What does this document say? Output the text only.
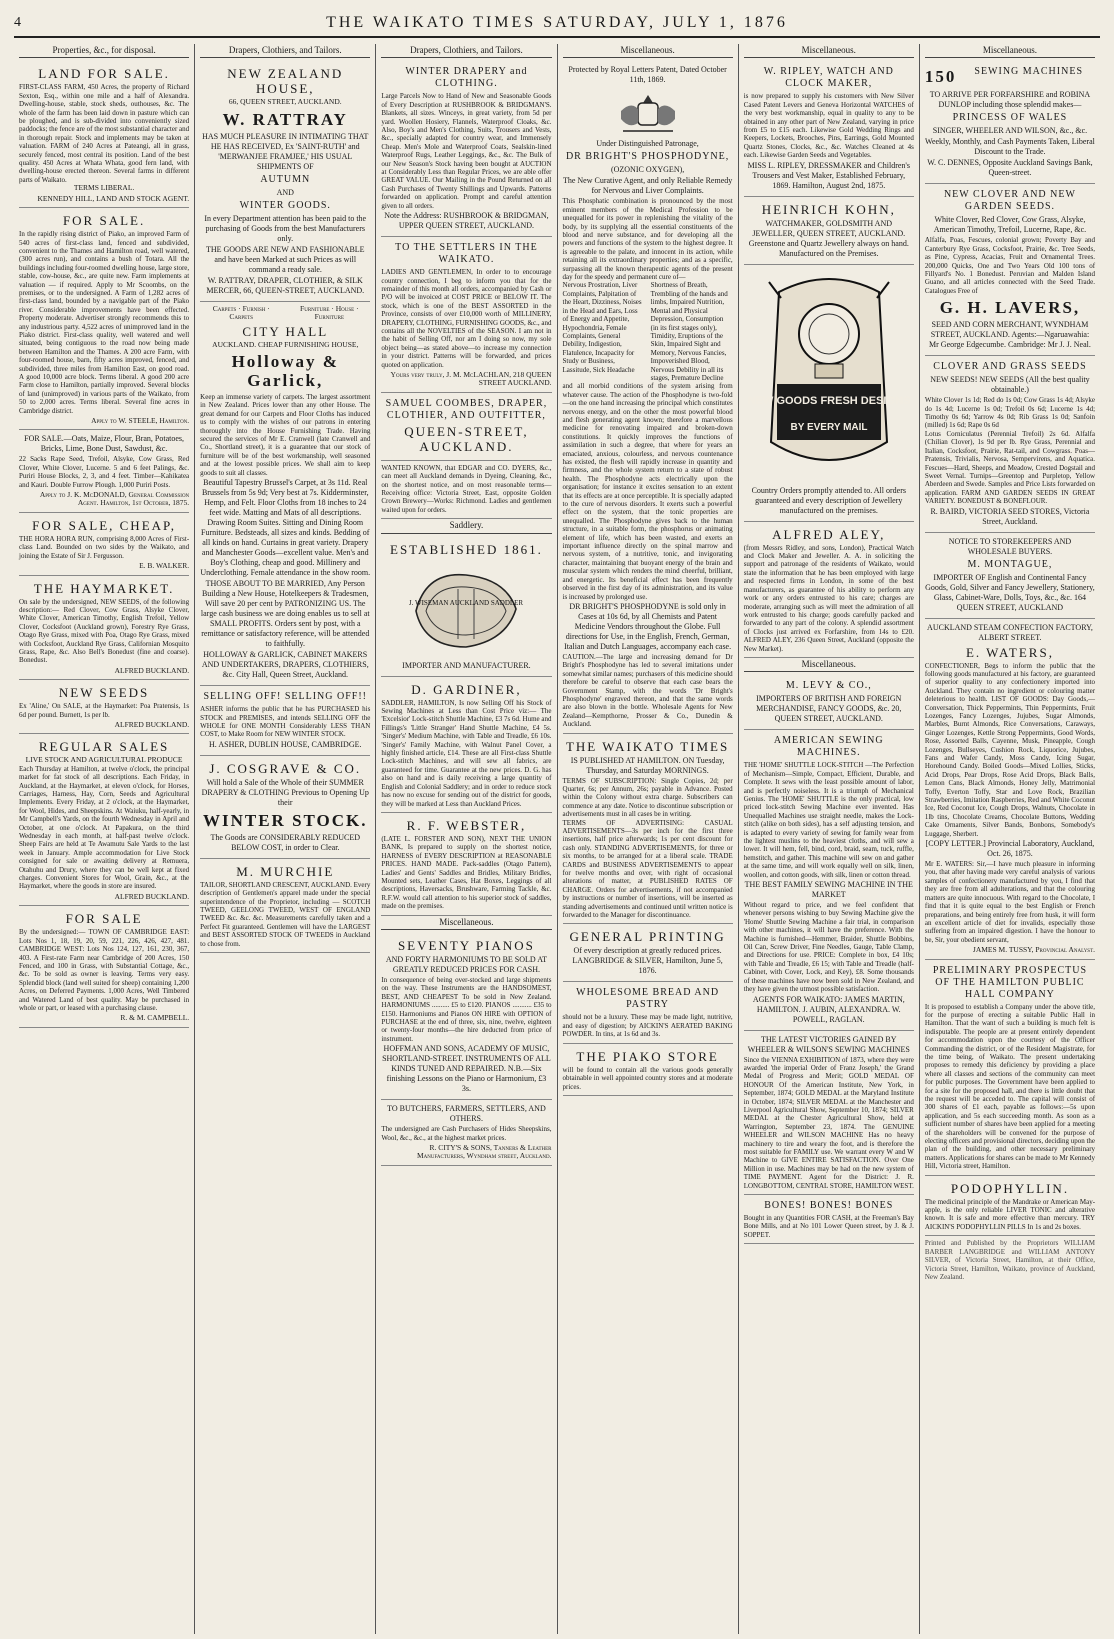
4	THE WAIKATO TIMES SATURDAY, JULY 1, 1876
Properties, &c., for disposal.
LAND FOR SALE.
FIRST-CLASS FARM, 450 Acres, the property of Richard Sexton, Esq., within one mile and a half of Alexandra. Dwelling-house, stable, stock sheds, outhouses, &c. The whole of the farm has been laid down in pasture which can be ploughed, and is sub-divided into conveniently sized paddocks; the fence are of the most substantial character and in thorough repair. Stock and implements may be taken at valuation. FARM of 240 Acres at Pateangi, all in grass, securely fenced, most central its position. Land of the best quality. 450 Acres at Whata Whata, good fern land, with dwelling-house erected thereon. Several farms in different parts of Waikato.
TERMS LIBERAL.
KENNEDY HILL, LAND AND STOCK AGENT.
FOR SALE.
In the rapidly rising district of Piako, an improved Farm of 540 acres of first-class land, fenced and subdivided, convenient to the Thames and Hamilton road, well watered, (300 acres run), and contains a bush of Totara. All the buildings including four-roomed dwelling house, large store, stable, cow-house, &c., are quite new. Farm implements at valuation — if required. Apply to Mr Scoombs, on the premises, or to the undersigned. A Farm of 1,282 acres of first-class land, bounded by a navigable part of the Piako river. Considerable improvements have been effected. Property moderate. Advertiser strongly recommends this to any industrious party. 4,522 acres of unimproved land in the Piako district. First-class quality, well watered and well situated, being contiguous to the road now being made between Hamilton and the Thames. A 200 acre Farm, with four-roomed house, barn, fifty acres improved, fenced, and subdivided, three miles from Hamilton East, on good road. A good 10,000 acre block. Terms liberal. A good 200 acre Farm close to Hamilton, partially improved. Several blocks of land (unimproved) in various parts of the Waikato, from 50 to 2,000 acres. Terms liberal. Several fine acres in Cambridge district.
Apply to W. STEELE, Hamilton.
FOR SALE.—Oats, Maize, Flour, Bran, Potatoes, Bricks, Lime, Bone Dust, Sawdust, &c.
22 Sacks Rape Seed, Trefoil, Alsyke, Cow Grass, Red Clover, White Clover, Lucerne. 5 and 6 feet Palings, &c. Puriri House Blocks, 2, 3, and 4 feet. Timber—Kahikatea and Kauri. Double Furrow Plough. 1,000 Puriri Posts.
Apply to J. K. McDONALD, General Commission Agent. Hamilton, 1st October, 1875.
FOR SALE, CHEAP,
THE HORA HORA RUN, comprising 8,000 Acres of First-class Land. Bounded on two sides by the Waikato, and joining the Estate of Sir J. Fergusson.
E. B. WALKER.
THE HAYMARKET.
On sale by the undersigned, NEW SEEDS, of the following description:— Red Clover, Cow Grass, Alsyke Clover, White Clover, American Timothy, English Trefoil, Yellow Clover, Cocksfoot (Auckland grown), Forestry Rye Grass, Otago Rye Grass, mixed with Poa, Otago Rye Grass, mixed with Cocksfoot, Auckland Rye Grass, Californian Mosquito Grass, Rape, &c. Also Bell's Bonedust (fine and coarse). Bonedust.
ALFRED BUCKLAND.
NEW SEEDS
Ex 'Aline,' On SALE, at the Haymarket: Poa Pratensis, 1s 6d per pound. Burnett, 1s per lb.
ALFRED BUCKLAND.
REGULAR SALES
LIVE STOCK AND AGRICULTURAL PRODUCE
Each Thursday at Hamilton, at twelve o'clock, the principal market for fat stock of all descriptions. Each Friday, in Auckland, at the Haymarket, at eleven o'clock, for Horses, Carriages, Harness, Hay, Corn, Seeds and Agricultural Implements. Every Friday, at 2 o'clock, at the Haymarket, for Wool, Hides, and Sheepskins. At Waiuku, half-yearly, in Mr Campbell's Yards, on the fourth Wednesday in April and October, at one o'clock. At Papakura, on the third Wednesday in each month, at half-past twelve o'clock. Sheep Fairs are held at Te Awamutu Sale Yards to the last week in January. Ample accommodation for Live Stock consigned for sale or awaiting delivery at Remuera, Otahuhu and Drury, where they can be well kept at fixed charges. Convenient Stores for Wool, Grain, &c., at the Haymarket, where the goods in store are insured.
ALFRED BUCKLAND.
FOR SALE
By the undersigned:— TOWN OF CAMBRIDGE EAST: Lots Nos 1, 18, 19, 20, 59, 221, 226, 426, 427, 481. CAMBRIDGE WEST: Lots Nos 124, 127, 161, 230, 367, 403. A First-rate Farm near Cambridge of 200 Acres, 150 Fenced, and 100 in Grass, with Substantial Cottage, &c., &c. To be sold as owner is leaving. Terms very easy. Splendid block (land well suited for sheep) containing 1,200 Acres, on Deferred Payments. 1,000 Acres, Well Timbered and Watered Land of best quality. May be purchased in whole or part, or leased with a purchasing clause.
R. & M. CAMPBELL.
Drapers, Clothiers, and Tailors.
NEW ZEALAND HOUSE,
66, QUEEN STREET, AUCKLAND.
W. RATTRAY
HAS MUCH PLEASURE IN INTIMATING THAT HE HAS RECEIVED, Ex 'SAINT-RUTH' and 'MERWANJEE FRAMJEE,' HIS USUAL SHIPMENTS OF
AUTUMN
AND
WINTER GOODS.
In every Department attention has been paid to the purchasing of Goods from the best Manufacturers only.
THE GOODS ARE NEW AND FASHIONABLE and have been Marked at such Prices as will command a ready sale.
W. RATTRAY, DRAPER, CLOTHIER, & SILK MERCER, 66, QUEEN-STREET, AUCKLAND.
Carpets · Furnish · Carpets
Furniture · House · Furniture
CITY HALL
AUCKLAND. CHEAP FURNISHING HOUSE,
Holloway & Garlick,
Keep an immense variety of carpets. The largest assortment in New Zealand. Prices lower than any other House. The great demand for our Carpets and Floor Cloths has induced us to comply with the wishes of our patrons in entering thoroughly into the House Furnishing Trade. Having secured the services of Mr E. Cranwell (late Cranwell and Co., Shortland street), it is a guarantee that our stock of furniture will be of the best workmanship, well seasoned and at the lowest possible prices. We shall aim to keep goods to suit all classes.
Beautiful Tapestry Brussel's Carpet, at 3s 11d. Real Brussels from 5s 9d; Very best at 7s. Kidderminster, Hemp, and Felt. Floor Cloths from 18 inches to 24 feet wide. Matting and Mats of all descriptions. Drawing Room Suites. Sitting and Dining Room Furniture. Bedsteads, all sizes and kinds. Bedding of all kinds on hand. Curtains in great variety. Drapery and Manchester Goods—excellent value. Men's and Boy's Clothing, cheap and good. Millinery and Underclothing. Female attendance in the show room.
THOSE ABOUT TO BE MARRIED, Any Person Building a New House, Hotelkeepers & Tradesmen, Will save 20 per cent by PATRONIZING US. The large cash business we are doing enables us to sell at SMALL PROFITS. Orders sent by post, with a remittance or satisfactory reference, will be attended to faithfully.
HOLLOWAY & GARLICK, CABINET MAKERS AND UNDERTAKERS, DRAPERS, CLOTHIERS, &c. City Hall, Queen Street, Auckland.
SELLING OFF! SELLING OFF!!
ASHER informs the public that he has PURCHASED his STOCK and PREMISES, and intends SELLING OFF the WHOLE for ONE MONTH Considerably LESS THAN COST, to Make Room for NEW WINTER STOCK.
H. ASHER, DUBLIN HOUSE, CAMBRIDGE.
J. COSGRAVE & CO.
Will hold a Sale of the Whole of their SUMMER DRAPERY & CLOTHING Previous to Opening Up their
WINTER STOCK.
The Goods are CONSIDERABLY REDUCED BELOW COST, in order to Clear.
M. MURCHIE
TAILOR, SHORTLAND CRESCENT, AUCKLAND. Every description of Gentlemen's apparel made under the special superintendence of the Proprietor, including — SCOTCH TWEED, GEELONG TWEED, WEST OF ENGLAND TWEED &c. &c. &c. Measurements carefully taken and a Perfect Fit guaranteed. Gentlemen will have the LARGEST and BEST ASSORTED STOCK OF TWEEDS in Auckland to chose from.
Drapers, Clothiers, and Tailors.
WINTER DRAPERY and CLOTHING.
Large Parcels Now to Hand of New and Seasonable Goods of Every Description at RUSHBROOK & BRIDGMAN'S. Blankets, all sizes. Winceys, in great variety, from 5d per yard. Woollen Hosiery, Flannels, Waterproof Cloaks, &c. Also, Boy's and Men's Clothing, Suits, Trousers and Vests, &c., specially adapted for country wear, and Immensely Cheap. Men's Mole and Waterproof Coats, Sealskin-lined Waterproof Rugs, Leather Leggings, &c., &c. The Bulk of our New Season's Stock having been bought at AUCTION at Considerably Less than Regular Prices, we are able offer GREAT VALUE. Our Mailing in the Pound Returned on all Cash Purchases of Twenty Shillings and Upwards. Patterns forwarded on application. Prompt and careful attention given to all orders.
Note the Address: RUSHBROOK & BRIDGMAN, UPPER QUEEN STREET, AUCKLAND.
TO THE SETTLERS IN THE WAIKATO.
LADIES AND GENTLEMEN, In order to to encourage country connection, I beg to inform you that for the remainder of this month all orders, accompanied by Cash or P/O will be invoiced at COST PRICE or BELOW IT. The stock, which is one of the BEST ASSORTED in the Province, consists of over £10,000 worth of MILLINERY, DRAPERY, CLOTHING, FURNISHING GOODS, &c., and contains all the NOVELTIES of the SEASON. I am not in the habit of Selling Off, nor am I doing so now, my sole object being—as stated above—to increase my connection in your district. Patterns will be forwarded, and prices quoted on application.
Yours very truly, J. M. McLACHLAN, 218 QUEEN STREET AUCKLAND.
SAMUEL COOMBES, DRAPER, CLOTHIER, AND OUTFITTER,
QUEEN-STREET, AUCKLAND.
WANTED KNOWN, that EDGAR and CO. DYERS, &c., can meet all Auckland demands in Dyeing, Cleaning, &c., on the shortest notice, and on most reasonable terms—Receiving office: Victoria Street, East, opposite Golden Crown Brewery—Works: Richmond. Ladies and gentlemen waited upon for orders.
Saddlery.
ESTABLISHED 1861.
J. WISEMAN AUCKLAND SADDLER
IMPORTER AND MANUFACTURER.
D. GARDINER,
SADDLER, HAMILTON, Is now Selling Off his Stock of Sewing Machines at Less than Cost Price viz:— The 'Excelsior' Lock-stitch Shuttle Machine, £3 7s 6d. Hume and Fillings's 'Little Stranger' Hand Shuttle Machine, £4 5s. 'Singer's' Medium Machine, with Table and Treadle, £6 10s. 'Singer's' Family Machine, with Walnut Panel Cover, a highly finished article, £14. These are all First-class Shuttle Lock-stitch Machines, and will sew all fabrics, are guaranteed for time. Guarantee at the new prices. D. G. has also on hand and is daily receiving a large quantity of English and Colonial Saddlery; and in order to reduce stock has now no excuse for sending out of the district for goods, they will be marked at Less than Auckland Prices.
R. F. WEBSTER,
(LATE L. FORSTER AND SON), NEXT THE UNION BANK, Is prepared to supply on the shortest notice, HARNESS of EVERY DESCRIPTION at REASONABLE PRICES. HAND MADE. Pack-saddles (Otago Pattern), Ladies' and Gents' Saddles and Bridles, Military Bridles, Mounted sets, Leather Cases, Hat Boxes, Leggings of all descriptions, Haversacks, Brushware, Farming Tackle, &c. R.F.W. would call attention to his superior stock of saddles, made on the premises.
Miscellaneous.
SEVENTY PIANOS
AND FORTY HARMONIUMS TO BE SOLD AT GREATLY REDUCED PRICES FOR CASH.
In consequence of being over-stocked and large shipments on the way. These Instruments are the HANDSOMEST, BEST, AND CHEAPEST To be sold in New Zealand. HARMONIUMS .......... £5 to £120. PIANOS ........... £35 to £150. Harmoniums and Pianos ON HIRE with OPTION of PURCHASE at the end of three, six, nine, twelve, eighteen or twenty-four months—the hire deducted from price of instrument.
HOFFMAN AND SONS, ACADEMY OF MUSIC, SHORTLAND-STREET. INSTRUMENTS OF ALL KINDS TUNED AND REPAIRED. N.B.—Six finishing Lessons on the Piano or Harmonium, £3 3s.
TO BUTCHERS, FARMERS, SETTLERS, AND OTHERS.
The undersigned are Cash Purchasers of Hides Sheepskins, Wool, &c., &c., at the highest market prices.
R. CITY'S & SONS, Tanners & Leather Manufacturers, Wyndham street, Auckland.
Miscellaneous.
Protected by Royal Letters Patent, Dated October 11th, 1869.
Under Distinguished Patronage,
DR BRIGHT'S PHOSPHODYNE,
(OZONIC OXYGEN),
The New Curative Agent, and only Reliable Remedy for Nervous and Liver Complaints.
This Phosphatic combination is pronounced by the most eminent members of the Medical Profession to be unequalled for its power in replenishing the vitality of the body, by its supplying all the essential constituents of the blood and nerve substance, and for developing all the powers and functions of the system to the highest degree. It is agreeable to the palate, and innocent in its action, while retaining all its extraordinary properties; and as a specific, surpassing all the known therapeutic agents of the present day for the speedy and permanent cure of—
Nervous Prostration, Liver Complaints, Palpitation of the Heart, Dizziness, Noises in the Head and Ears, Loss of Energy and Appetite, Hypochondria, Female Complaints, General Debility, Indigestion, Flatulence, Incapacity for Study or Business, Lassitude, Sick Headache
Shortness of Breath, Trembling of the hands and limbs, Impaired Nutrition, Mental and Physical Depression, Consumption (in its first stages only), Timidity, Eruptions of the Skin, Impaired Sight and Memory, Nervous Fancies, Impoverished Blood, Nervous Debility in all its stages, Premature Decline
and all morbid conditions of the system arising from whatever cause. The action of the Phosphodyne is two-fold—on the one hand increasing the principal which constitutes nervous energy, and on the other the most powerful blood and flesh generating agent known; therefore a marvellous medicine for renovating impaired and broken-down constitutions. It quickly improves the functions of assimilation in such a degree, that where for years an emaciated, anxious, colourless, and nervous countenance has existed, the flesh will rapidly increase in quantity and firmness, and the whole system return to a state of robust health. The Phosphodyne acts electrically upon the organisation; for instance it excites sensation to an extent that its effects are at once perceptible. It is specially adapted to the cure of nervous disorders. It exerts such a powerful effect on the system, that the tonic properties are unequalled. The Phosphodyne gives back to the human structure, in a suitable form, the phosphorus or animating element of life, which has been wasted, and exerts an important influence directly on the spinal marrow and nervous system, of a nutritive, tonic, and invigorating character, maintaining that buoyant energy of the brain and muscular system which renders the mind cheerful, brilliant, and energetic. Its beneficial effect has been frequently observed in the first day of its administration, and its value is increased by prolonged use.
DR BRIGHT'S PHOSPHODYNE is sold only in Cases at 10s 6d, by all Chemists and Patent Medicine Vendors throughout the Globe. Full directions for Use, in the English, French, German, Italian and Dutch Languages, accompany each case.
CAUTION.—The large and increasing demand for Dr Bright's Phosphodyne has led to several imitations under somewhat similar names; purchasers of this medicine should therefore be careful to observe that each case bears the Government Stamp, with the words 'Dr Bright's Phosphodyne' engraved thereon, and that the same words are also blown in the bottle. Wholesale Agents for New Zealand—Kempthorne, Prosser & Co., Dunedin & Auckland.
THE WAIKATO TIMES
IS PUBLISHED AT HAMILTON. ON Tuesday, Thursday, and Saturday MORNINGS.
TERMS OF SUBSCRIPTION: Single Copies, 2d; per Quarter, 6s; per Annum, 26s; payable in Advance. Posted within the Colony without extra charge. Subscribers can commence at any date. Notice to discontinue subscription or advertisements must in all cases be in writing.
TERMS OF ADVERTISING: CASUAL ADVERTISEMENTS—3s per inch for the first three insertions, half price afterwards; 1s per cent discount for cash only. STANDING ADVERTISEMENTS, for three or six months, to be arranged for at a liberal scale. TRADE CARDS and BUSINESS ADVERTISEMENTS to appear for twelve months and over, with right of occasional alterations of matter, at PUBLISHED RATES OF CHARGE. Orders for advertisements, if not accompanied by instructions or number of insertions, will be inserted as standing advertisements and continued until written notice is forwarded to the Manager for discontinuance.
GENERAL PRINTING
Of every description at greatly reduced prices. LANGBRIDGE & SILVER, Hamilton, June 5, 1876.
WHOLESOME BREAD AND PASTRY
should not be a luxury. These may be made light, nutritive, and easy of digestion; by AICKIN'S AERATED BAKING POWDER. In tins, at 1s 6d and 3s.
THE PIAKO STORE
will be found to contain all the various goods generally obtainable in well appointed country stores and at moderate prices.
Miscellaneous.
W. RIPLEY, WATCH AND CLOCK MAKER,
is now prepared to supply his customers with New Silver Cased Patent Levers and Geneva Horizontal WATCHES of the very best workmanship, equal in quality to any to be obtained in any other part of New Zealand, varying in price from £5 to £15 each. Likewise Gold Wedding Rings and Keepers, Lockets, Brooches, Pins, Earrings, Gold Mounted Quartz Stones, Clocks, &c., &c. Watches Cleaned at 4s each. Likewise Garden Seeds and Vegetables.
MISS L. RIPLEY, DRESSMAKER and Children's Trousers and Vest Maker, Established February, 1869. Hamilton, August 2nd, 1875.
HEINRICH KOHN,
WATCHMAKER, GOLDSMITH AND JEWELLER, QUEEN STREET, AUCKLAND. Greenstone and Quartz Jewellery always on hand. Manufactured on the Premises.
NEW GOODS FRESH DESIGNS
BY EVERY MAIL
Country Orders promptly attended to. All orders guaranteed and every description of Jewellery manufactured on the premises.
ALFRED ALEY,
(from Messrs Ridley, and sons, London), Practical Watch and Clock Maker and Jeweller. A. A. in soliciting the support and patronage of the residents of Waikato, would state the information that he has been employed with large and respected firms in London, in some of the best manufacturers, as guarantee of his ability to perform any work or any orders entrusted to his care; charges are moderate, arranging such as will meet the admiration of all work entrusted to his charge; goods carefully packed and forwarded to any part of the colony. A splendid assortment of Clocks just arrived ex Forfarshire, from 14s to £20. ALFRED ALEY, 236 Queen Street, Auckland (opposite the New Market).
Miscellaneous.
M. LEVY & CO.,
IMPORTERS OF BRITISH AND FOREIGN MERCHANDISE, FANCY GOODS, &c. 20, QUEEN STREET, AUCKLAND.
AMERICAN SEWING MACHINES.
THE 'HOME' SHUTTLE LOCK-STITCH —The Perfection of Mechanism—Simple, Compact, Efficient, Durable, and Complete. It sews with the least possible amount of labor, and is perfectly noiseless. It is a triumph of Mechanical Genius. The 'HOME' SHUTTLE is the only practical, low priced lock-stitch Sewing Machine ever invented. Has Unequalled Machines use straight needle, makes the Lock-stitch (alike on both sides), has a self adjusting tension, and is adapted to every variety of sewing for family wear from the lightest muslins to the heaviest cloths, and will sew a lower. It will hem, fell, bind, cord, braid, seam, tuck, ruffle, hemstitch, and gather. This machine will sew on and gather at the same time, and will work equally well on silk, linen, woollen, and cotton goods, with silk, linen or cotton thread.
THE BEST FAMILY SEWING MACHINE IN THE MARKET
Without regard to price, and we feel confident that whenever persons wishing to buy Sewing Machine give the 'Home' Shuttle Sewing Machine a fair trial, in comparison with other machines, it will have the preference. With the Machine is furnished—Hemmer, Braider, Shuttle Bobbins, Oil Can, Screw Driver, Fine Needles, Gauge, Table Clamp, and Directions for use. PRICE: Complete in box, £4 10s; with Table and Treadle, £6 15; with Table and Treadle (half-Cabinet, with Cover, Lock, and Key), £8. Some thousands of these machines have now been sold in New Zealand, and they have given the utmost possible satisfaction.
AGENTS FOR WAIKATO: JAMES MARTIN, HAMILTON. J. AUBIN, ALEXANDRA. W. POWELL, RAGLAN.
THE LATEST VICTORIES GAINED BY WHEELER & WILSON'S SEWING MACHINES
Since the VIENNA EXHIBITION of 1873, where they were awarded 'the imperial Order of Franz Joseph,' the Grand Medal of Progress and Merit; GOLD MEDAL OF HONOUR Of the American Institute, New York, in September, 1874; GOLD MEDAL at the Maryland Institute in October, 1874; SILVER MEDAL at the Manchester and Liverpool Agricultural Show, September 10, 1874; SILVER MEDAL at the Chester Agricultural Show, held at Warrington, September 23, 1874. The GENUINE WHEELER and WILSON MACHINE Has no heavy machinery to tire and weary the foot, and is therefore the most suitable for FAMILY use. We warrant every W and W Machine to GIVE ENTIRE SATISFACTION. Over One Million in use. Machines may be had on the new system of TIME PAYMENT. Agent for the District: J. R. LONGBOTTOM, CENTRAL STORE, HAMILTON WEST.
BONES! BONES! BONES
Bought in any Quantities FOR CASH, at the Freeman's Bay Bone Mills, and at No 101 Lower Queen street, by J. & J. SOPPET.
Miscellaneous.
150	SEWING MACHINES
TO ARRIVE PER FORFARSHIRE and ROBINA DUNLOP including those splendid makes—
PRINCESS OF WALES
SINGER, WHEELER AND WILSON, &c., &c.
Weekly, Monthly, and Cash Payments Taken, Liberal Discount to the Trade.
W. C. DENNES, Opposite Auckland Savings Bank, Queen-street.
NEW CLOVER AND NEW GARDEN SEEDS.
White Clover, Red Clover, Cow Grass, Alsyke, American Timothy, Trefoil, Lucerne, Rape, &c.
Alfalfa, Poas, Fescues, colonial grown; Poverty Bay and Canterbury Rye Grass, Cocksfoot, Prairie, &c. Tree Seeds, as Pine, Cypress, Acacias, Fruit and Ornamental Trees. 200,000 Quicks, One and Two Years Old 100 tons of Fillyard's No. 1 Bonedust. Peruvian and Malden Island Guano, and all articles connected with the Seed Trade. Catalogues Free of
G. H. LAVERS,
SEED AND CORN MERCHANT, WYNDHAM STREET, AUCKLAND. Agents:—Ngaruawahia: Mr George Edgecumbe. Cambridge: Mr J. J. Neal.
CLOVER AND GRASS SEEDS
NEW SEEDS! NEW SEEDS (All the best quality obtainable.)
White Clover 1s 1d; Red do 1s 0d; Cow Grass 1s 4d; Alsyke do 1s 4d; Lucerne 1s 0d; Trefoil 0s 6d; Lucerne 1s 4d; Timothy 0s 6d; Yarrow 4s 0d; Rib Grass 1s 0d; Sanfoin (milled) 1s 6d; Rape 0s 6d
Lotus Corniculatus (Perennial Trefoil) 2s 6d. Alfalfa (Chilian Clover), 1s 9d per lb. Rye Grass, Perennial and Italian, Cocksfoot, Prairie, Rat-tail, and Cowgrass. Poas—Pratensis, Trivialis, Nervosa, Sempervirens, and Aquatica. Fescues—Hard, Sheeps, and Meadow, Crested Dogstail and Sweet Vernal. Turnips—Greentop and Purpletop, Yellow Aberdeen and Swede. Samples and Price Lists forwarded on application. FARM AND GARDEN SEEDS IN GREAT VARIETY. BONEDUST & BONEFLOUR.
R. BAIRD, VICTORIA SEED STORES, Victoria Street, Auckland.
NOTICE TO STOREKEEPERS AND WHOLESALE BUYERS.
M. MONTAGUE,
IMPORTER OF English and Continental Fancy Goods, Gold, Silver and Fancy Jewellery, Stationery, Glass, Cabinet-Ware, Dolls, Toys, &c., &c. 164 QUEEN STREET, AUCKLAND
AUCKLAND STEAM CONFECTION FACTORY, ALBERT STREET.
E. WATERS,
CONFECTIONER, Begs to inform the public that the following goods manufactured at his factory, are guaranteed of superior quality to any confectionery imported into Auckland. They contain no ingredient or colouring matter deleterious to health. LIST OF GOODS: Day Goods,—Conversation, Thick Peppermints, Thin Peppermints, Fruit Lozenges, Fancy Lozenges, Jujubes, Sugar Almonds, Marbles, Burnt Almonds, Rice Conversations, Caraways, Ginger Lozenges, Kettle Strong Peppermints, Good Words, Rose, Assorted Balls, Cayenne, Musk, Pineapple, Cough Lozenges, Bullseyes, Cushion Rock, Liquorice, Jujubes, Fans and Wafer Candy, Moss Candy, Icing Sugar, Horehound Candy. Boiled Goods—Mixed Lollies, Sticks, Acid Drops, Pear Drops, Rose Acid Drops, Black Balls, Lemon Cans, Black Almonds, Honey Jelly, Matrimonial Toffy, Everton Toffy, Star and Love Rock, Brazilian Strawberries, Imitation Raspberries, Red and White Coconut Ice, Red Coconut Ice, Cough Drops, Walnuts, Chocolate in 1lb tins, Chocolate Creams, Chocolate Buttons, Wedding Cake Ornaments, Silver Bands, Bonbons, Somebody's Luggage, Sherbert.
[COPY LETTER.] Provincial Laboratory, Auckland, Oct. 26, 1875.
Mr E. WATERS: Sir,—I have much pleasure in informing you, that after having made very careful analysis of various samples of confectionery manufactured by you, I find that they are free from all adulterations, and that the colouring matters are quite innocuous. With regard to the Chocolate, I find that it is quite equal to the best English or French preparations, and being entirely free from husk, it will form an excellent article of diet for invalids, especially those suffering from an impaired digestion. I have the honour to be, Sir, your obedient servant,
JAMES M. TUSSY, Provincial Analyst.
PRELIMINARY PROSPECTUS OF THE HAMILTON PUBLIC HALL COMPANY
It is proposed to establish a Company under the above title, for the purpose of erecting a suitable Public Hall in Hamilton. That the want of such a building is much felt is indisputable. The people are at present entirely dependent for accommodation upon the courtesy of the Officer Commanding the district, or of the Resident Magistrate, for the time being, of Waikato. The present undertaking proposes to remedy this deficiency by providing a place where all classes and sections of the community can meet for public purposes. The Government have been applied to for a site for the proposed hall, and there is little doubt that the request will be acceded to. The capital will consist of 300 shares of £1 each, payable as follows:—5s upon application, and 5s each succeeding month. As soon as a sufficient number of shares have been applied for a meeting of the shareholders will be convened for the purpose of electing officers and provisional directors, deciding upon the plan of the building, and other necessary preliminary matters. Applications for shares can be made to Mr Kennedy Hill, Victoria street, Hamilton.
PODOPHYLLIN.
The medicinal principle of the Mandrake or American May-apple, is the only reliable LIVER TONIC and alterative known. It is safe and more effective than mercury. TRY AICKIN'S PODOPHYLLIN PILLS In 1s and 2s boxes.
Printed and Published by the Proprietors WILLIAM BARBER LANGBRIDGE and WILLIAM ANTONY SILVER, of Victoria Street, Hamilton, at their Office, Victoria Street, Hamilton, Waikato, province of Auckland, New Zealand.
